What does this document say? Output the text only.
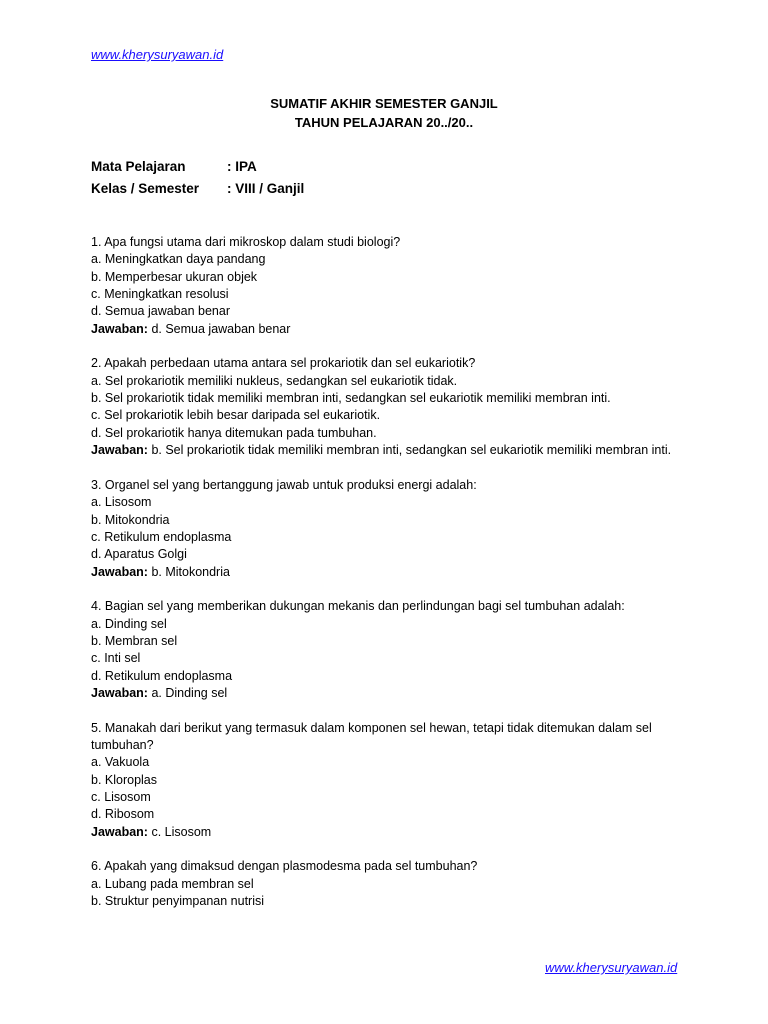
www.kherysuryawan.id
SUMATIF AKHIR SEMESTER GANJIL
TAHUN PELAJARAN 20../20..
Mata Pelajaran	: IPA
Kelas / Semester	: VIII / Ganjil
1. Apa fungsi utama dari mikroskop dalam studi biologi?
a. Meningkatkan daya pandang
b. Memperbesar ukuran objek
c. Meningkatkan resolusi
d. Semua jawaban benar
Jawaban: d. Semua jawaban benar
2. Apakah perbedaan utama antara sel prokariotik dan sel eukariotik?
a. Sel prokariotik memiliki nukleus, sedangkan sel eukariotik tidak.
b. Sel prokariotik tidak memiliki membran inti, sedangkan sel eukariotik memiliki membran inti.
c. Sel prokariotik lebih besar daripada sel eukariotik.
d. Sel prokariotik hanya ditemukan pada tumbuhan.
Jawaban: b. Sel prokariotik tidak memiliki membran inti, sedangkan sel eukariotik memiliki membran inti.
3. Organel sel yang bertanggung jawab untuk produksi energi adalah:
a. Lisosom
b. Mitokondria
c. Retikulum endoplasma
d. Aparatus Golgi
Jawaban: b. Mitokondria
4. Bagian sel yang memberikan dukungan mekanis dan perlindungan bagi sel tumbuhan adalah:
a. Dinding sel
b. Membran sel
c. Inti sel
d. Retikulum endoplasma
Jawaban: a. Dinding sel
5. Manakah dari berikut yang termasuk dalam komponen sel hewan, tetapi tidak ditemukan dalam sel tumbuhan?
a. Vakuola
b. Kloroplas
c. Lisosom
d. Ribosom
Jawaban: c. Lisosom
6. Apakah yang dimaksud dengan plasmodesma pada sel tumbuhan?
a. Lubang pada membran sel
b. Struktur penyimpanan nutrisi
www.kherysuryawan.id
